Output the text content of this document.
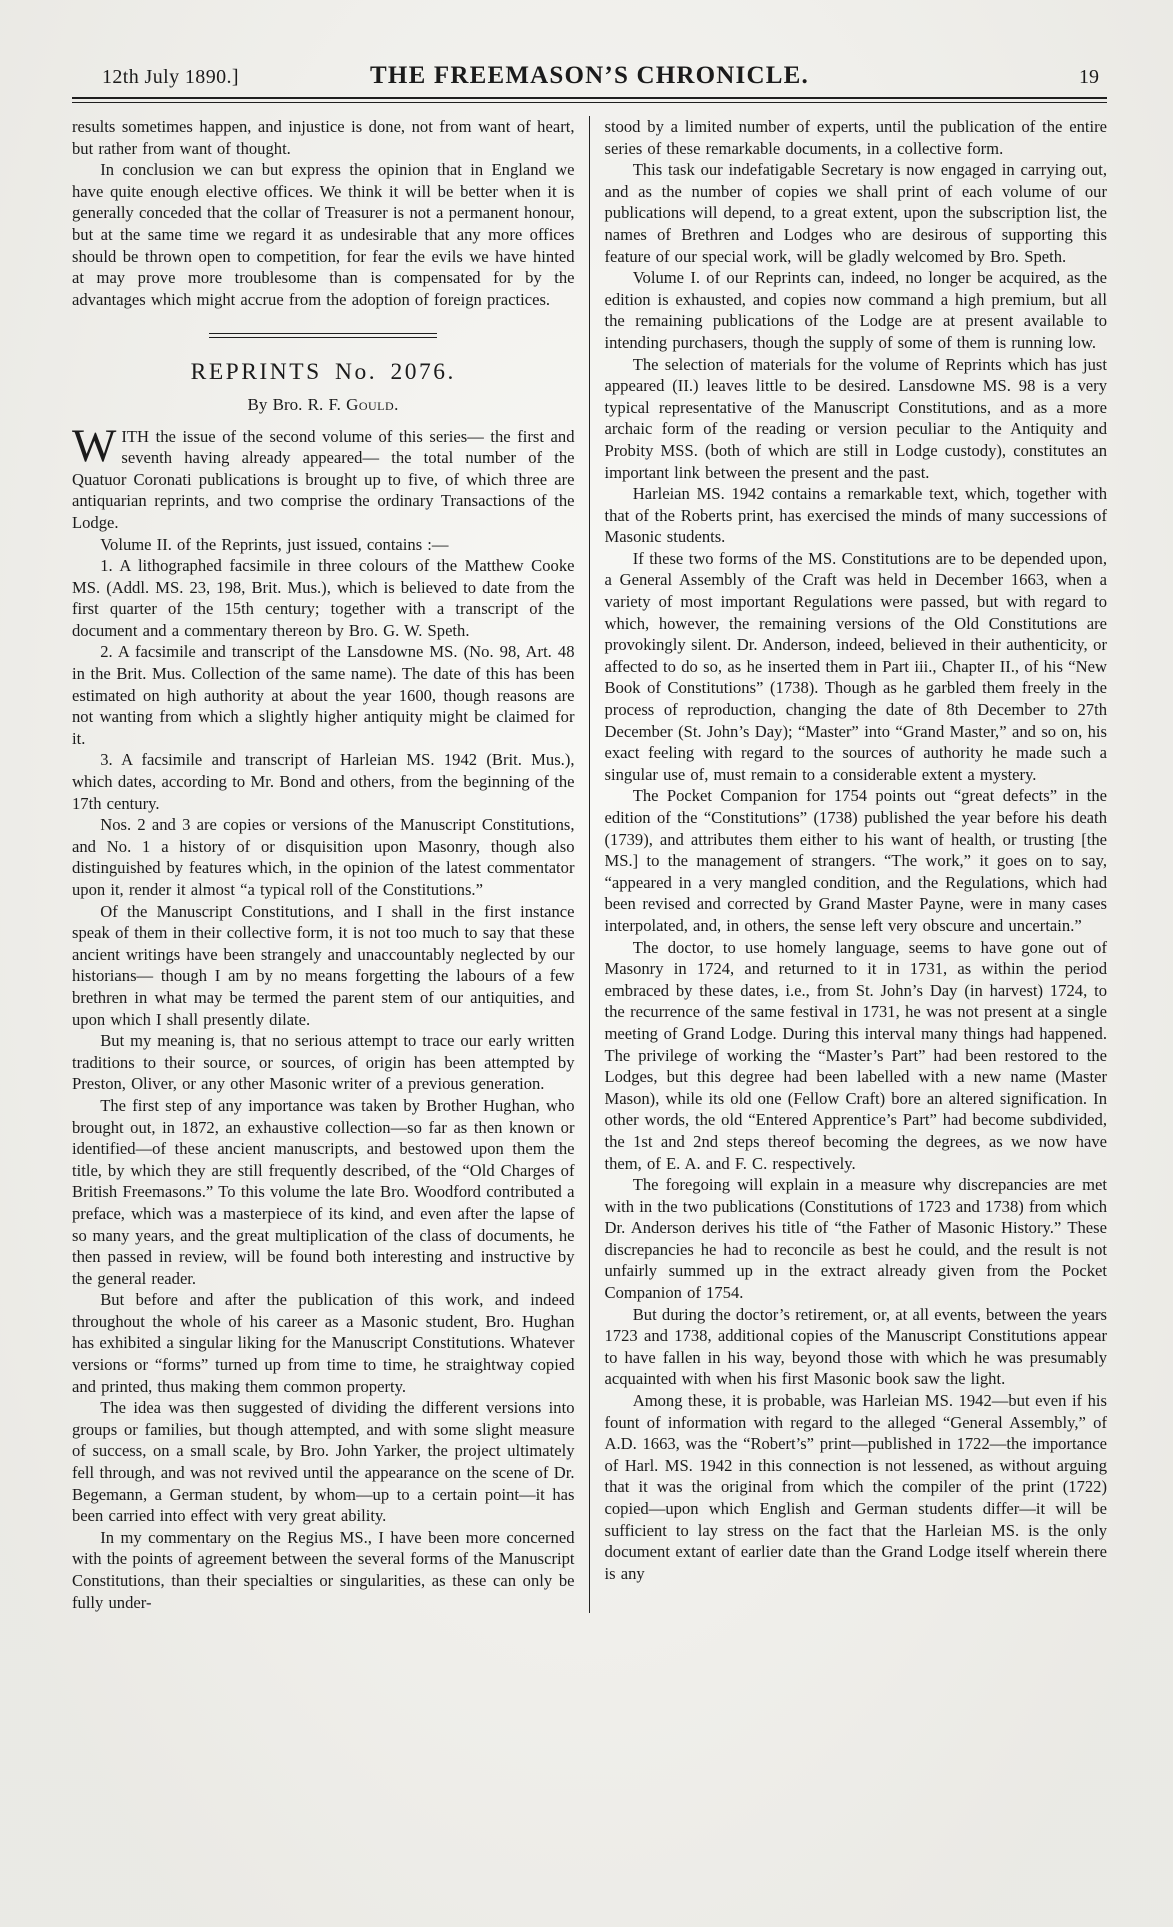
12th July 1890.]	THE FREEMASON’S CHRONICLE.	19

results sometimes happen, and injustice is done, not from want of heart, but rather from want of thought.

In conclusion we can but express the opinion that in England we have quite enough elective offices. We think it will be better when it is generally conceded that the collar of Treasurer is not a permanent honour, but at the same time we regard it as undesirable that any more offices should be thrown open to competition, for fear the evils we have hinted at may prove more troublesome than is compensated for by the advantages which might accrue from the adoption of foreign practices.

REPRINTS No. 2076.

By Bro. R. F. Gould.

WITH the issue of the second volume of this series— the first and seventh having already appeared— the total number of the Quatuor Coronati publications is brought up to five, of which three are antiquarian reprints, and two comprise the ordinary Transactions of the Lodge.

Volume II. of the Reprints, just issued, contains :—

1. A lithographed facsimile in three colours of the Matthew Cooke MS. (Addl. MS. 23, 198, Brit. Mus.), which is believed to date from the first quarter of the 15th century; together with a transcript of the document and a commentary thereon by Bro. G. W. Speth.

2. A facsimile and transcript of the Lansdowne MS. (No. 98, Art. 48 in the Brit. Mus. Collection of the same name). The date of this has been estimated on high authority at about the year 1600, though reasons are not wanting from which a slightly higher antiquity might be claimed for it.

3. A facsimile and transcript of Harleian MS. 1942 (Brit. Mus.), which dates, according to Mr. Bond and others, from the beginning of the 17th century.

Nos. 2 and 3 are copies or versions of the Manuscript Constitutions, and No. 1 a history of or disquisition upon Masonry, though also distinguished by features which, in the opinion of the latest commentator upon it, render it almost “a typical roll of the Constitutions.”

Of the Manuscript Constitutions, and I shall in the first instance speak of them in their collective form, it is not too much to say that these ancient writings have been strangely and unaccountably neglected by our historians— though I am by no means forgetting the labours of a few brethren in what may be termed the parent stem of our antiquities, and upon which I shall presently dilate.

But my meaning is, that no serious attempt to trace our early written traditions to their source, or sources, of origin has been attempted by Preston, Oliver, or any other Masonic writer of a previous generation.

The first step of any importance was taken by Brother Hughan, who brought out, in 1872, an exhaustive collection—so far as then known or identified—of these ancient manuscripts, and bestowed upon them the title, by which they are still frequently described, of the “Old Charges of British Freemasons.” To this volume the late Bro. Woodford contributed a preface, which was a masterpiece of its kind, and even after the lapse of so many years, and the great multiplication of the class of documents, he then passed in review, will be found both interesting and instructive by the general reader.

But before and after the publication of this work, and indeed throughout the whole of his career as a Masonic student, Bro. Hughan has exhibited a singular liking for the Manuscript Constitutions. Whatever versions or “forms” turned up from time to time, he straightway copied and printed, thus making them common property.

The idea was then suggested of dividing the different versions into groups or families, but though attempted, and with some slight measure of success, on a small scale, by Bro. John Yarker, the project ultimately fell through, and was not revived until the appearance on the scene of Dr. Begemann, a German student, by whom—up to a certain point—it has been carried into effect with very great ability.

In my commentary on the Regius MS., I have been more concerned with the points of agreement between the several forms of the Manuscript Constitutions, than their specialties or singularities, as these can only be fully under-

stood by a limited number of experts, until the publication of the entire series of these remarkable documents, in a collective form.

This task our indefatigable Secretary is now engaged in carrying out, and as the number of copies we shall print of each volume of our publications will depend, to a great extent, upon the subscription list, the names of Brethren and Lodges who are desirous of supporting this feature of our special work, will be gladly welcomed by Bro. Speth.

Volume I. of our Reprints can, indeed, no longer be acquired, as the edition is exhausted, and copies now command a high premium, but all the remaining publications of the Lodge are at present available to intending purchasers, though the supply of some of them is running low.

The selection of materials for the volume of Reprints which has just appeared (II.) leaves little to be desired. Lansdowne MS. 98 is a very typical representative of the Manuscript Constitutions, and as a more archaic form of the reading or version peculiar to the Antiquity and Probity MSS. (both of which are still in Lodge custody), constitutes an important link between the present and the past.

Harleian MS. 1942 contains a remarkable text, which, together with that of the Roberts print, has exercised the minds of many successions of Masonic students.

If these two forms of the MS. Constitutions are to be depended upon, a General Assembly of the Craft was held in December 1663, when a variety of most important Regulations were passed, but with regard to which, however, the remaining versions of the Old Constitutions are provokingly silent. Dr. Anderson, indeed, believed in their authenticity, or affected to do so, as he inserted them in Part iii., Chapter II., of his “New Book of Constitutions” (1738). Though as he garbled them freely in the process of reproduction, changing the date of 8th December to 27th December (St. John’s Day); “Master” into “Grand Master,” and so on, his exact feeling with regard to the sources of authority he made such a singular use of, must remain to a considerable extent a mystery.

The Pocket Companion for 1754 points out “great defects” in the edition of the “Constitutions” (1738) published the year before his death (1739), and attributes them either to his want of health, or trusting [the MS.] to the management of strangers. “The work,” it goes on to say, “appeared in a very mangled condition, and the Regulations, which had been revised and corrected by Grand Master Payne, were in many cases interpolated, and, in others, the sense left very obscure and uncertain.”

The doctor, to use homely language, seems to have gone out of Masonry in 1724, and returned to it in 1731, as within the period embraced by these dates, i.e., from St. John’s Day (in harvest) 1724, to the recurrence of the same festival in 1731, he was not present at a single meeting of Grand Lodge. During this interval many things had happened. The privilege of working the “Master’s Part” had been restored to the Lodges, but this degree had been labelled with a new name (Master Mason), while its old one (Fellow Craft) bore an altered signification. In other words, the old “Entered Apprentice’s Part” had become subdivided, the 1st and 2nd steps thereof becoming the degrees, as we now have them, of E. A. and F. C. respectively.

The foregoing will explain in a measure why discrepancies are met with in the two publications (Constitutions of 1723 and 1738) from which Dr. Anderson derives his title of “the Father of Masonic History.” These discrepancies he had to reconcile as best he could, and the result is not unfairly summed up in the extract already given from the Pocket Companion of 1754.

But during the doctor’s retirement, or, at all events, between the years 1723 and 1738, additional copies of the Manuscript Constitutions appear to have fallen in his way, beyond those with which he was presumably acquainted with when his first Masonic book saw the light.

Among these, it is probable, was Harleian MS. 1942—but even if his fount of information with regard to the alleged “General Assembly,” of A.D. 1663, was the “Robert’s” print—published in 1722—the importance of Harl. MS. 1942 in this connection is not lessened, as without arguing that it was the original from which the compiler of the print (1722) copied—upon which English and German students differ—it will be sufficient to lay stress on the fact that the Harleian MS. is the only document extant of earlier date than the Grand Lodge itself wherein there is any
